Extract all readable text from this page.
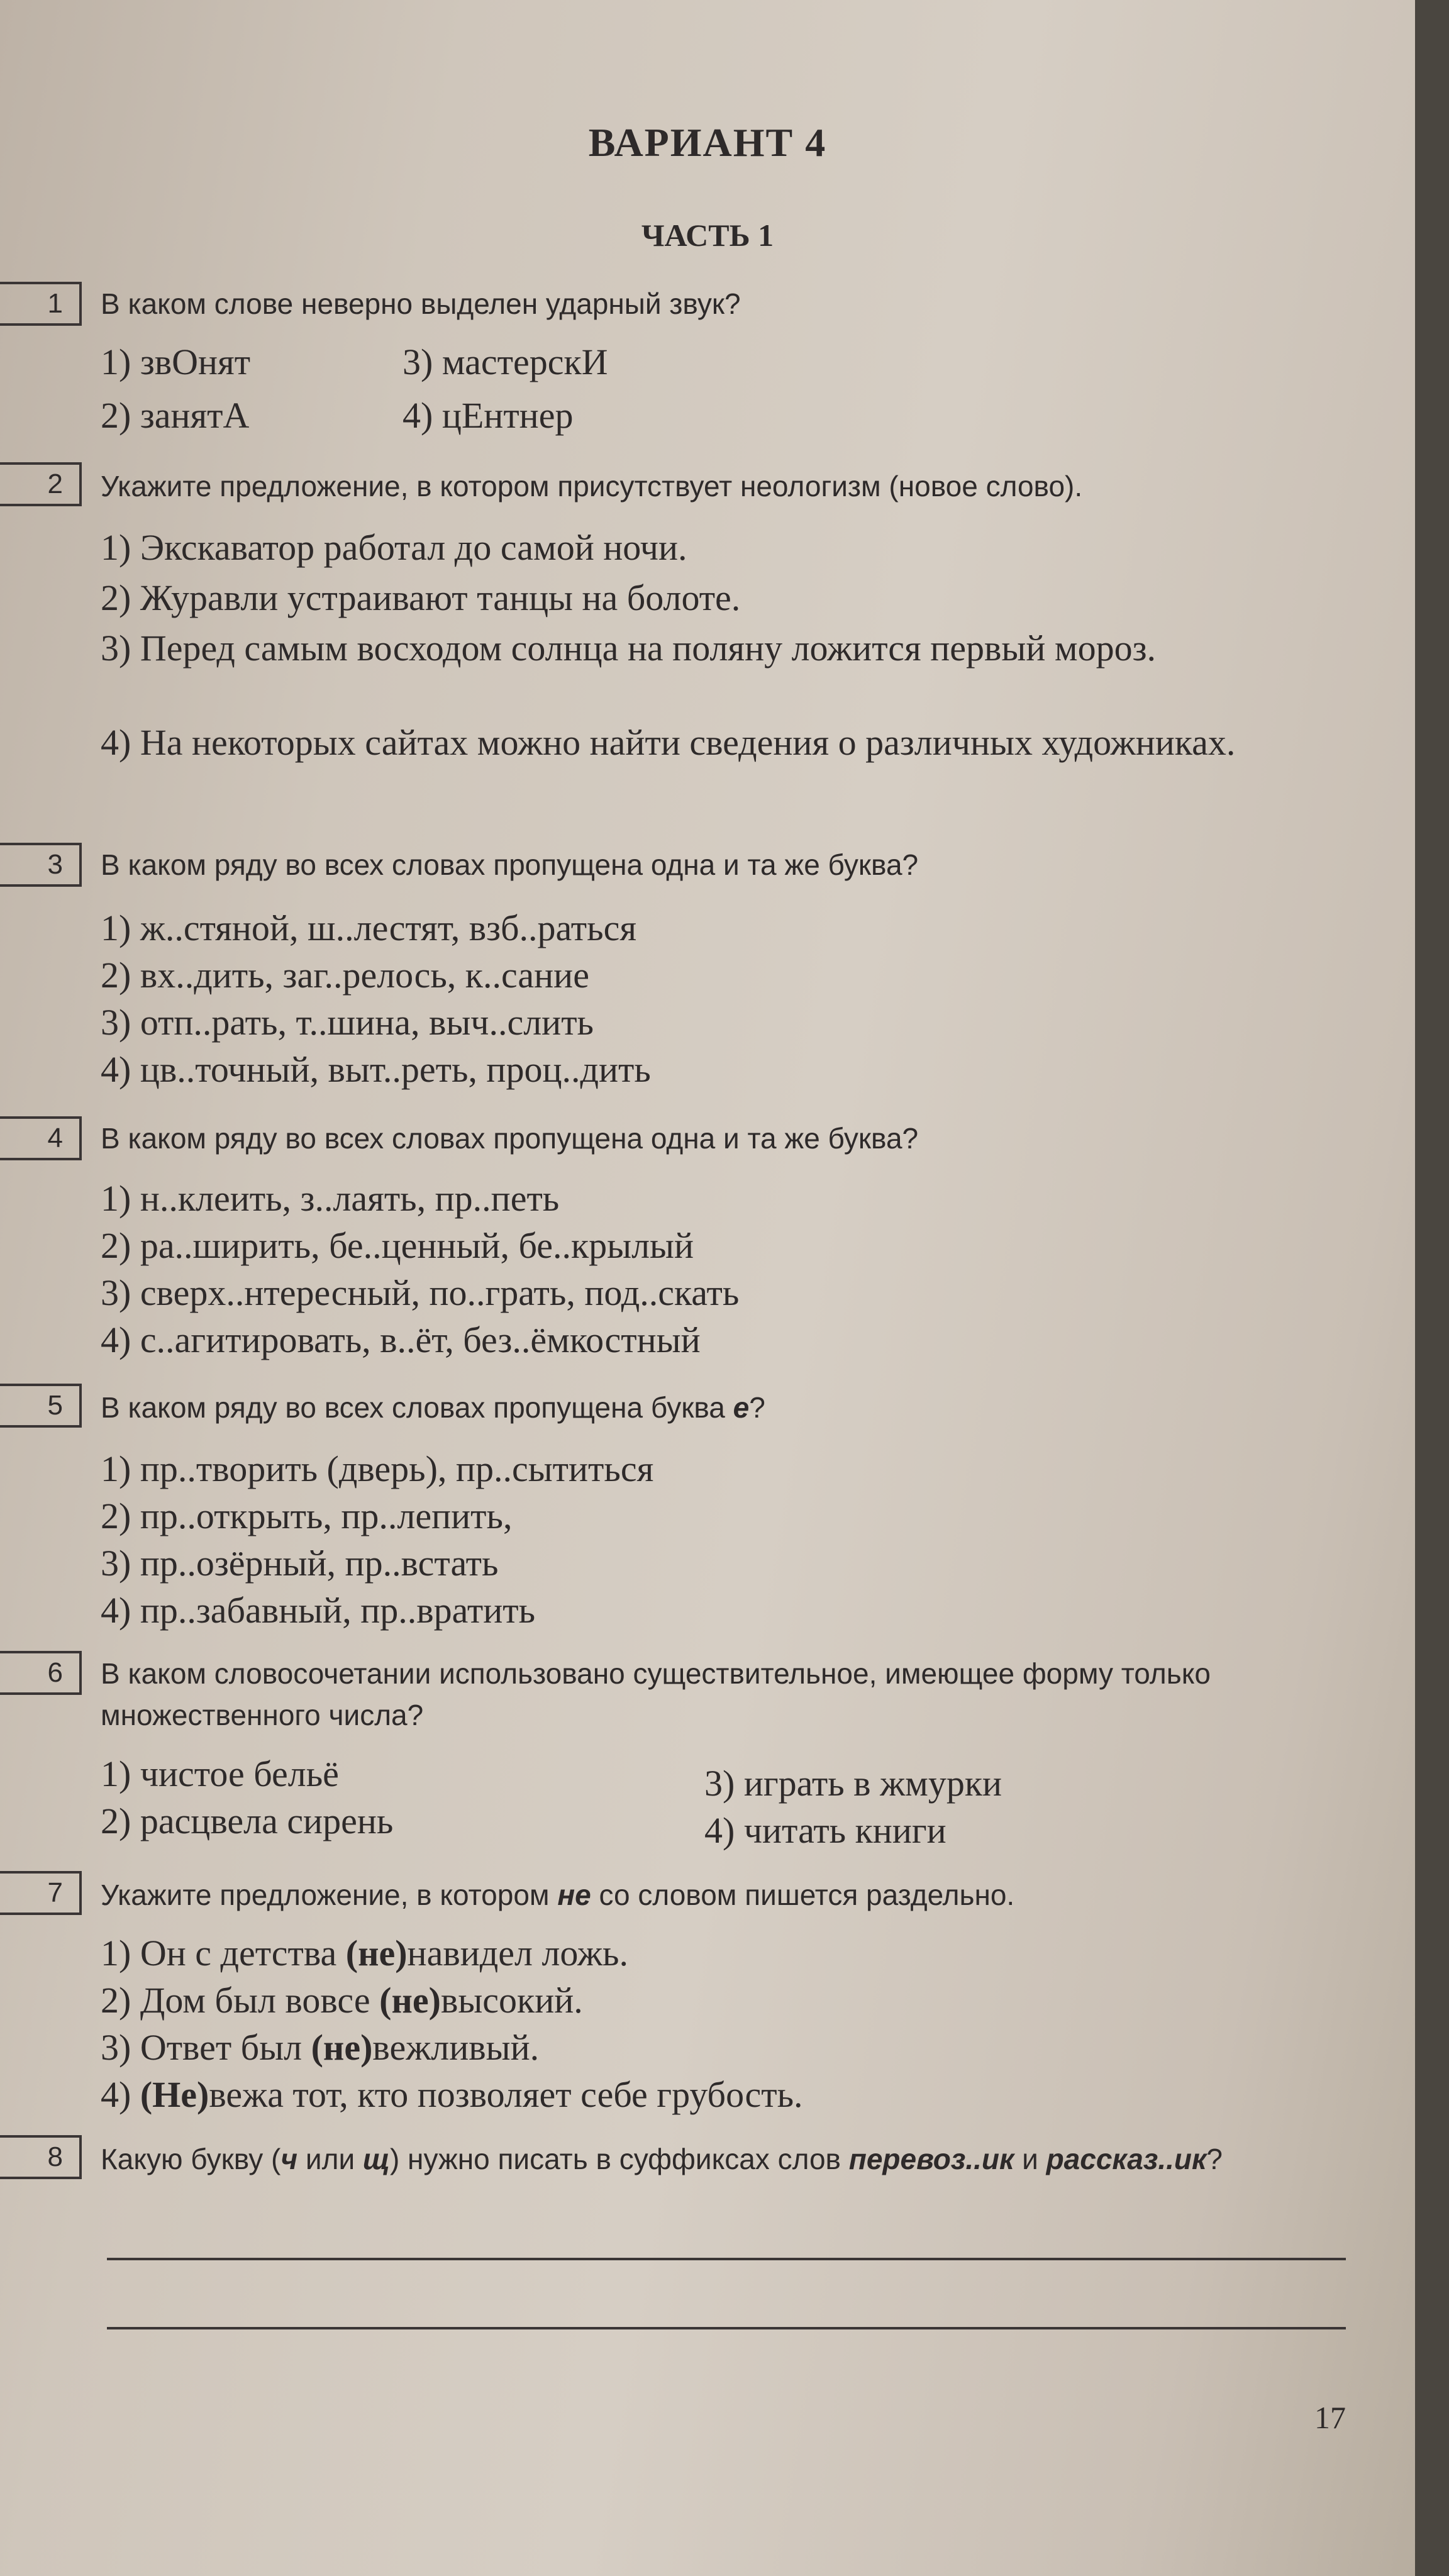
ВАРИАНТ 4
ЧАСТЬ 1
1	В каком слове неверно выделен ударный звук?
1) звОнят	3) мастерскИ
2) занятА	4) цЕнтнер
2	Укажите предложение, в котором присутствует неологизм (новое слово).
1) Экскаватор работал до самой ночи.
2) Журавли устраивают танцы на болоте.
3) Перед самым восходом солнца на поляну ложится первый мороз.
4) На некоторых сайтах можно найти сведения о различных художниках.
3	В каком ряду во всех словах пропущена одна и та же буква?
1) ж..стяной, ш..лестят, взб..раться
2) вх..дить, заг..релось, к..сание
3) отп..рать, т..шина, выч..слить
4) цв..точный, выт..реть, проц..дить
4	В каком ряду во всех словах пропущена одна и та же буква?
1) н..клеить, з..лаять, пр..петь
2) ра..ширить, бе..ценный, бе..крылый
3) сверх..нтересный, по..грать, под..скать
4) с..агитировать, в..ёт, без..ёмкостный
5	В каком ряду во всех словах пропущена буква е?
1) пр..творить (дверь), пр..сытиться
2) пр..открыть, пр..лепить,
3) пр..озёрный, пр..встать
4) пр..забавный, пр..вратить
6	В каком словосочетании использовано существительное, имеющее форму только множественного числа?
1) чистое бельё	3) играть в жмурки
2) расцвела сирень	4) читать книги
7	Укажите предложение, в котором не со словом пишется раздельно.
1) Он с детства (не)навидел ложь.
2) Дом был вовсе (не)высокий.
3) Ответ был (не)вежливый.
4) (Не)вежа тот, кто позволяет себе грубость.
8	Какую букву (ч или щ) нужно писать в суффиксах слов перевоз..ик и рассказ..ик?
17
